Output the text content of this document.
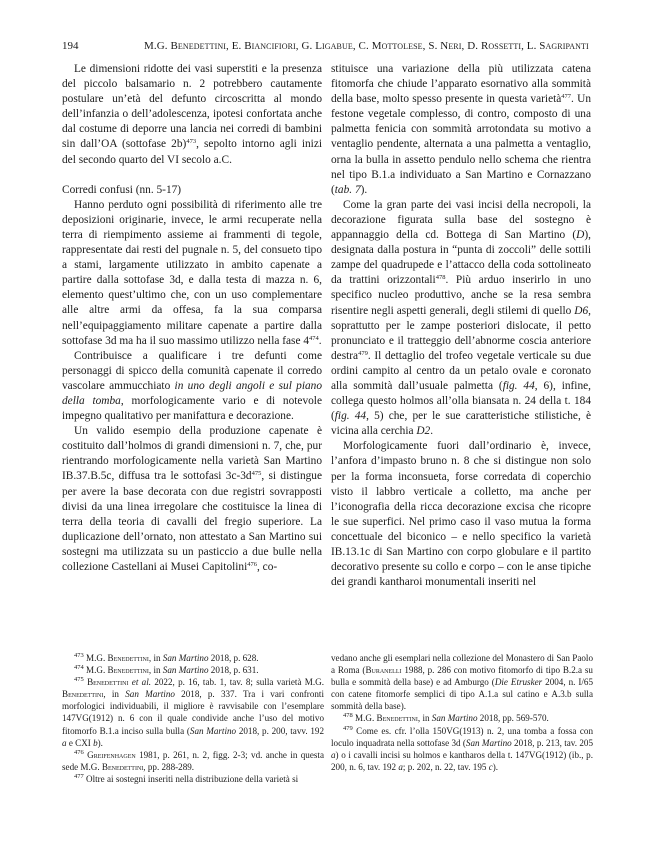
194	M.G. Benedettini, E. Biancifiori, G. Ligabue, C. Mottolese, S. Neri, D. Rossetti, L. Sagripanti

Le dimensioni ridotte dei vasi superstiti e la presenza del piccolo balsamario n. 2 potrebbero cautamente postulare un’età del defunto circoscritta al mondo dell’infanzia o dell’adolescenza, ipotesi confortata anche dal costume di deporre una lancia nei corredi di bambini sin dall’OA (sottofase 2b)$^{473}$, sepolto intorno agli inizi del secondo quarto del VI secolo a.C.

Corredi confusi (nn. 5-17)

Hanno perduto ogni possibilità di riferimento alle tre deposizioni originarie, invece, le armi recuperate nella terra di riempimento assieme ai frammenti di tegole, rappresentate dai resti del pugnale n. 5, del consueto tipo a stami, largamente utilizzato in ambito capenate a partire dalla sottofase 3d, e dalla testa di mazza n. 6, elemento quest’ultimo che, con un uso complementare alle altre armi da offesa, fa la sua comparsa nell’equipaggiamento militare capenate a partire dalla sottofase 3d ma ha il suo massimo utilizzo nella fase $4^{474}$.

Contribuisce a qualificare i tre defunti come personaggi di spicco della comunità capenate il corredo vascolare ammucchiato in uno degli angoli e sul piano della tomba, morfologicamente vario e di notevole impegno qualitativo per manifattura e decorazione.

Un valido esempio della produzione capenate è costituito dall’holmos di grandi dimensioni n. 7, che, pur rientrando morfologicamente nella varietà San Martino IB.37.B.5c, diffusa tra le sottofasi $3c-3d^{475}$, si distingue per avere la base decorata con due registri sovrapposti divisi da una linea irregolare che costituisce la linea di terra della teoria di cavalli del fregio superiore. La duplicazione dell’ornato, non attestato a San Martino sui sostegni ma utilizzata su un pasticcio a due bulle nella collezione Castellani ai Musei Capitolini$^{476}$, co-

stituisce una variazione della più utilizzata catena fitomorfa che chiude l’apparato esornativo alla sommità della base, molto spesso presente in questa varietà$^{477}$. Un festone vegetale complesso, di contro, composto di una palmetta fenicia con sommità arrotondata su motivo a ventaglio pendente, alternata a una palmetta a ventaglio, orna la bulla in assetto pendulo nello schema che rientra nel tipo B.1.a individuato a San Martino e Cornazzano (tab. 7).

Come la gran parte dei vasi incisi della necropoli, la decorazione figurata sulla base del sostegno è appannaggio della cd. Bottega di San Martino (D), designata dalla postura in “punta di zoccoli” delle sottili zampe del quadrupede e l’attacco della coda sottolineato da trattini orizzontali$^{478}$. Più arduo inserirlo in uno specifico nucleo produttivo, anche se la resa sembra risentire negli aspetti generali, degli stilemi di quello D6, soprattutto per le zampe posteriori dislocate, il petto pronunciato e il tratteggio dell’abnorme coscia anteriore destra$^{479}$. Il dettaglio del trofeo vegetale verticale su due ordini campito al centro da un petalo ovale e coronato alla sommità dall’usuale palmetta (fig. 44, 6), infine, collega questo holmos all’olla biansata n. 24 della t. 184 (fig. 44, 5) che, per le sue caratteristiche stilistiche, è vicina alla cerchia D2.

Morfologicamente fuori dall’ordinario è, invece, l’anfora d’impasto bruno n. 8 che si distingue non solo per la forma inconsueta, forse corredata di coperchio visto il labbro verticale a colletto, ma anche per l’iconografia della ricca decorazione excisa che ricopre le sue superfici. Nel primo caso il vaso mutua la forma concettuale del biconico – e nello specifico la varietà IB.13.1c di San Martino con corpo globulare e il partito decorativo presente su collo e corpo – con le anse tipiche dei grandi kantharoi monumentali inseriti nel

$^{473}$ M.G. Benedettini, in San Martino 2018, p. 628.

$^{474}$ M.G. Benedettini, in San Martino 2018, p. 631.

$^{475}$ Benedettini et al. 2022, p. 16, tab. 1, tav. 8; sulla varietà M.G. Benedettini, in San Martino 2018, p. 337. Tra i vari confronti morfologici individuabili, il migliore è ravvisabile con l’esemplare 147VG(1912) n. 6 con il quale condivide anche l’uso del motivo fitomorfo B.1.a inciso sulla bulla (San Martino 2018, p. 200, tavv. 192 a e CXI b).

$^{476}$ Greifenhagen 1981, p. 261, n. 2, figg. 2-3; vd. anche in questa sede M.G. Benedettini, pp. 288-289.

$^{477}$ Oltre ai sostegni inseriti nella distribuzione della varietà si

vedano anche gli esemplari nella collezione del Monastero di San Paolo a Roma (Buranelli 1988, p. 286 con motivo fitomorfo di tipo B.2.a su bulla e sommità della base) e ad Amburgo (Die Etrusker 2004, n. I/65 con catene fitomorfe semplici di tipo A.1.a sul catino e A.3.b sulla sommità della base).

$^{478}$ M.G. Benedettini, in San Martino 2018, pp. 569-570.

$^{479}$ Come es. cfr. l’olla 150VG(1913) n. 2, una tomba a fossa con loculo inquadrata nella sottofase 3d (San Martino 2018, p. 213, tav. 205 a) o i cavalli incisi su holmos e kantharos della t. 147VG(1912) (ib., p. 200, n. 6, tav. 192 a; p. 202, n. 22, tav. 195 c).
